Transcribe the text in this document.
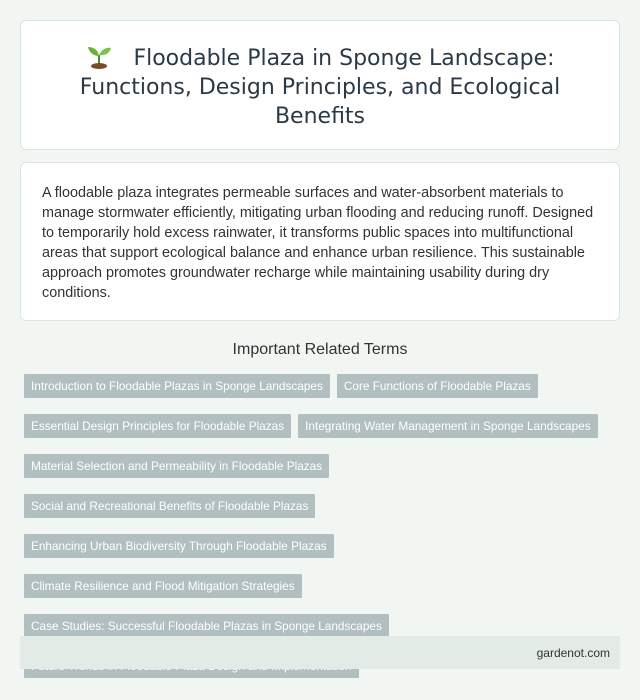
Floodable Plaza in Sponge Landscape: Functions, Design Principles, and Ecological Benefits

A floodable plaza integrates permeable surfaces and water-absorbent materials to manage stormwater efficiently, mitigating urban flooding and reducing runoff. Designed to temporarily hold excess rainwater, it transforms public spaces into multifunctional areas that support ecological balance and enhance urban resilience. This sustainable approach promotes groundwater recharge while maintaining usability during dry conditions.

Important Related Terms
Introduction to Floodable Plazas in Sponge Landscapes	Core Functions of Floodable Plazas
Essential Design Principles for Floodable Plazas	Integrating Water Management in Sponge Landscapes
Material Selection and Permeability in Floodable Plazas
Social and Recreational Benefits of Floodable Plazas
Enhancing Urban Biodiversity Through Floodable Plazas
Climate Resilience and Flood Mitigation Strategies
Case Studies: Successful Floodable Plazas in Sponge Landscapes
gardenot.com
